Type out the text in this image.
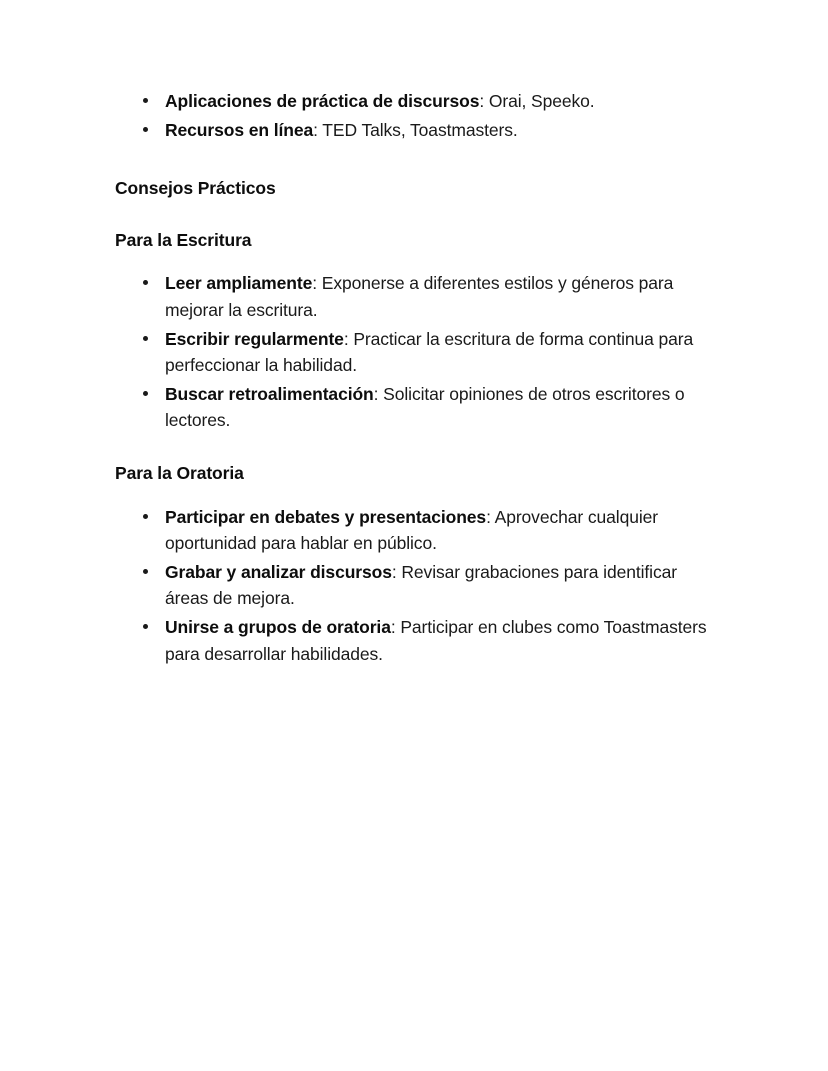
Aplicaciones de práctica de discursos: Orai, Speeko.
Recursos en línea: TED Talks, Toastmasters.

Consejos Prácticos

Para la Escritura

Leer ampliamente: Exponerse a diferentes estilos y géneros para mejorar la escritura.
Escribir regularmente: Practicar la escritura de forma continua para perfeccionar la habilidad.
Buscar retroalimentación: Solicitar opiniones de otros escritores o lectores.

Para la Oratoria

Participar en debates y presentaciones: Aprovechar cualquier oportunidad para hablar en público.
Grabar y analizar discursos: Revisar grabaciones para identificar áreas de mejora.
Unirse a grupos de oratoria: Participar en clubes como Toastmasters para desarrollar habilidades.
